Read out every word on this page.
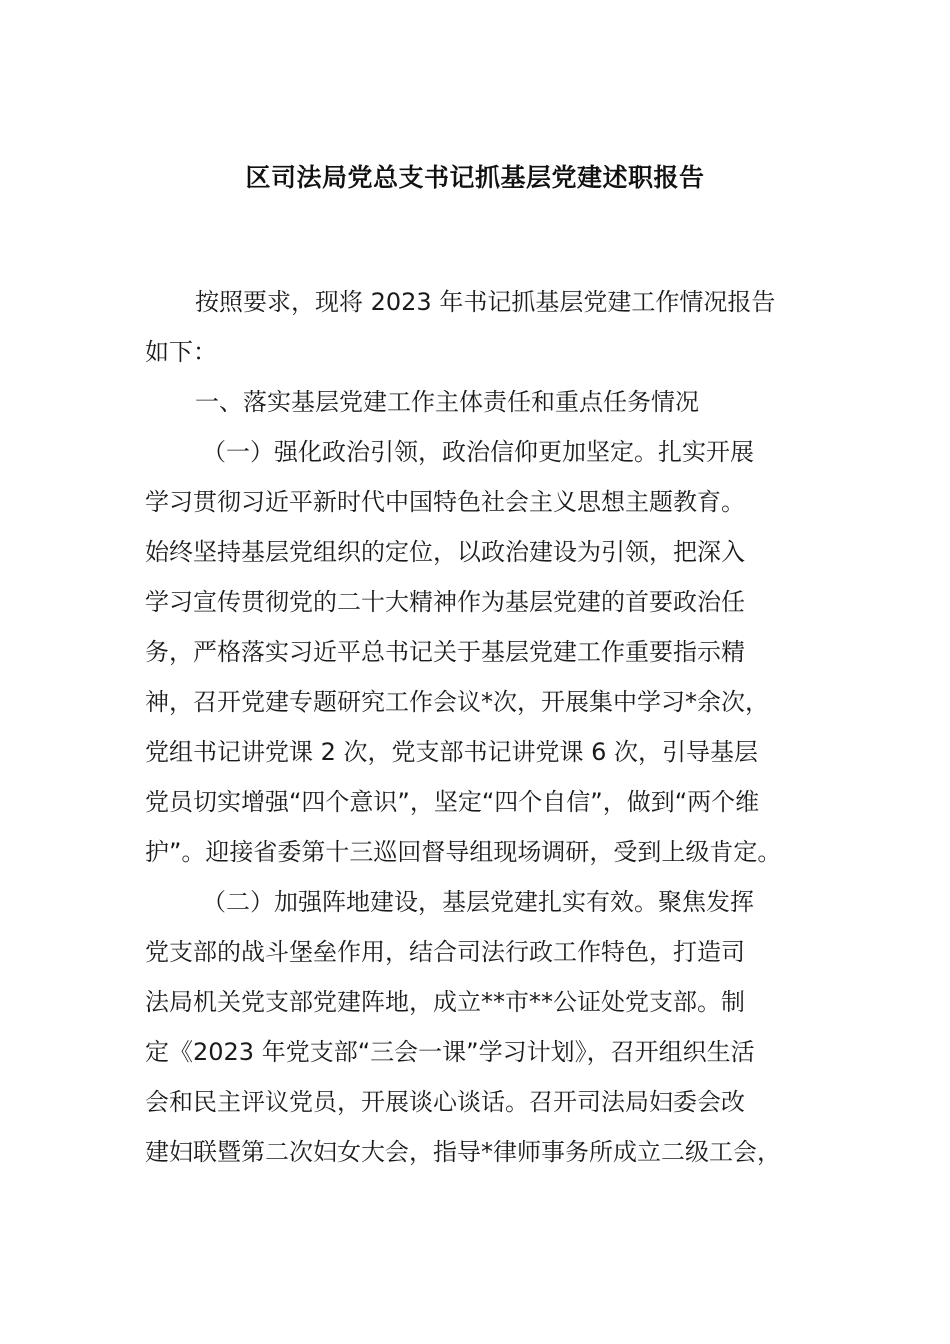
区司法局党总支书记抓基层党建述职报告
按照要求，现将 2023 年书记抓基层党建工作情况报告
如下：
一、落实基层党建工作主体责任和重点任务情况
（一）强化政治引领，政治信仰更加坚定。扎实开展
学习贯彻习近平新时代中国特色社会主义思想主题教育。
始终坚持基层党组织的定位，以政治建设为引领，把深入
学习宣传贯彻党的二十大精神作为基层党建的首要政治任
务，严格落实习近平总书记关于基层党建工作重要指示精
神，召开党建专题研究工作会议*次，开展集中学习*余次，
党组书记讲党课 2 次，党支部书记讲党课 6 次，引导基层
党员切实增强“四个意识”，坚定“四个自信”，做到“两个维
护”。迎接省委第十三巡回督导组现场调研，受到上级肯定。
（二）加强阵地建设，基层党建扎实有效。聚焦发挥
党支部的战斗堡垒作用，结合司法行政工作特色，打造司
法局机关党支部党建阵地，成立**市**公证处党支部。制
定《2023 年党支部“三会一课”学习计划》，召开组织生活
会和民主评议党员，开展谈心谈话。召开司法局妇委会改
建妇联暨第二次妇女大会，指导*律师事务所成立二级工会，
